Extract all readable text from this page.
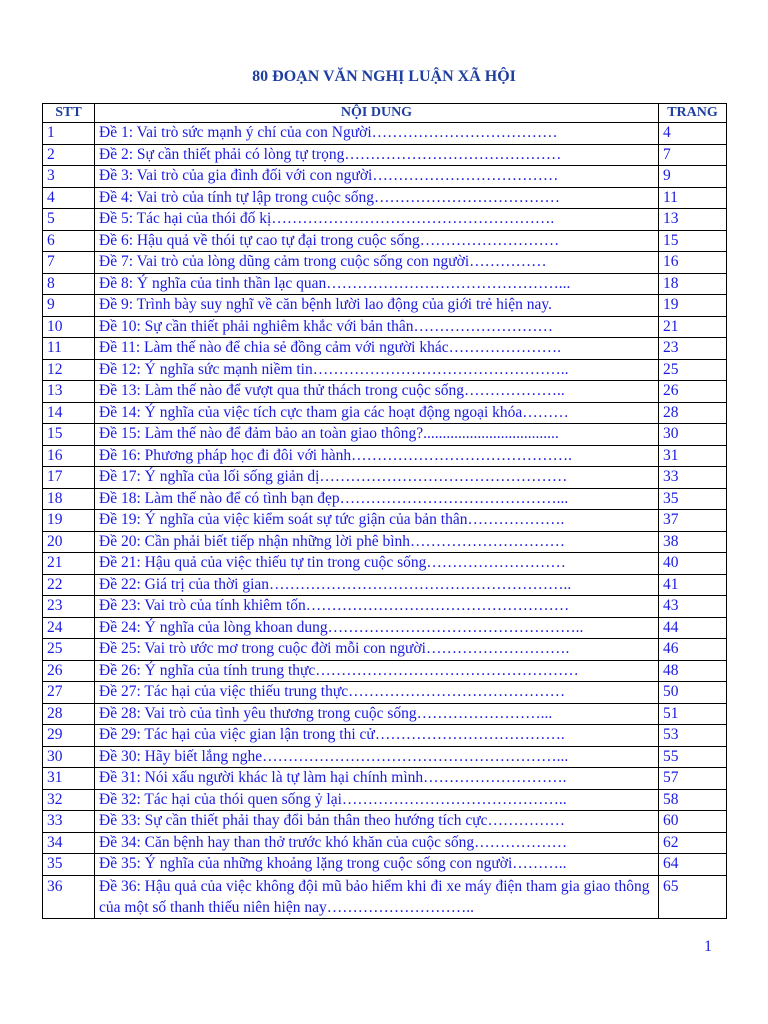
80 ĐOẠN VĂN NGHỊ LUẬN XÃ HỘI
STT	NỘI DUNG	TRANG
1	Đề 1: Vai trò sức mạnh ý chí của con Người………………………………	4
2	Đề 2: Sự cần thiết phải có lòng tự trọng……………………………………	7
3	Đề 3: Vai trò của gia đình đối với con người………………………………	9
4	Đề 4: Vai trò của tính tự lập trong cuộc sống………………………………	11
5	Đề 5: Tác hại của thói đố kị……………………………………………….	13
6	Đề 6: Hậu quả về thói tự cao tự đại trong cuộc sống………………………	15
7	Đề 7: Vai trò của lòng dũng cảm trong cuộc sống con người……………	16
8	Đề 8: Ý nghĩa của tinh thần lạc quan………………………………………...	18
9	Đề 9: Trình bày suy nghĩ về căn bệnh lười lao động của giới trẻ hiện nay.	19
10	Đề 10: Sự cần thiết phải nghiêm khắc với bản thân………………………	21
11	Đề 11: Làm thế nào để chia sẻ đồng cảm với người khác………………….	23
12	Đề 12: Ý nghĩa sức mạnh niềm tin…………………………………………..	25
13	Đề 13: Làm thế nào để vượt qua thử thách trong cuộc sống………………..	26
14	Đề 14: Ý nghĩa của việc tích cực tham gia các hoạt động ngoại khóa………	28
15	Đề 15: Làm thế nào để đảm bảo an toàn giao thông?...................................	30
16	Đề 16: Phương pháp học đi đôi với hành…………………………………….	31
17	Đề 17: Ý nghĩa của lối sống giản dị…………………………………………	33
18	Đề 18: Làm thế nào để có tình bạn đẹp……………………………………...	35
19	Đề 19: Ý nghĩa của việc kiểm soát sự tức giận của bản thân……………….	37
20	Đề 20: Cần phải biết tiếp nhận những lời phê bình…………………………	38
21	Đề 21: Hậu quả của việc thiếu tự tin trong cuộc sống………………………	40
22	Đề 22: Giá trị của thời gian…………………………………………………..	41
23	Đề 23: Vai trò của tính khiêm tốn……………………………………………	43
24	Đề 24: Ý nghĩa của lòng khoan dung…………………………………………..	44
25	Đề 25: Vai trò ước mơ trong cuộc đời mỗi con người……………………….	46
26	Đề 26: Ý nghĩa của tính trung thực……………………………………………	48
27	Đề 27: Tác hại của việc thiếu trung thực……………………………………	50
28	Đề 28: Vai trò của tình yêu thương trong cuộc sống……………………...	51
29	Đề 29: Tác hại của việc gian lận trong thi cử……………………………….	53
30	Đề 30: Hãy biết lắng nghe…………………………………………………...	55
31	Đề 31: Nói xấu người khác là tự làm hại chính mình……………………….	57
32	Đề 32: Tác hại của thói quen sống ỷ lại……………………………………..	58
33	Đề 33: Sự cần thiết phải thay đổi bản thân theo hướng tích cực……………	60
34	Đề 34: Căn bệnh hay than thở trước khó khăn của cuộc sống………………	62
35	Đề 35: Ý nghĩa của những khoảng lặng trong cuộc sống con người………..	64
36	Đề 36: Hậu quả của việc không đội mũ bảo hiểm khi đi xe máy điện tham gia giao thông của một số thanh thiếu niên hiện nay………………………..	65
1
